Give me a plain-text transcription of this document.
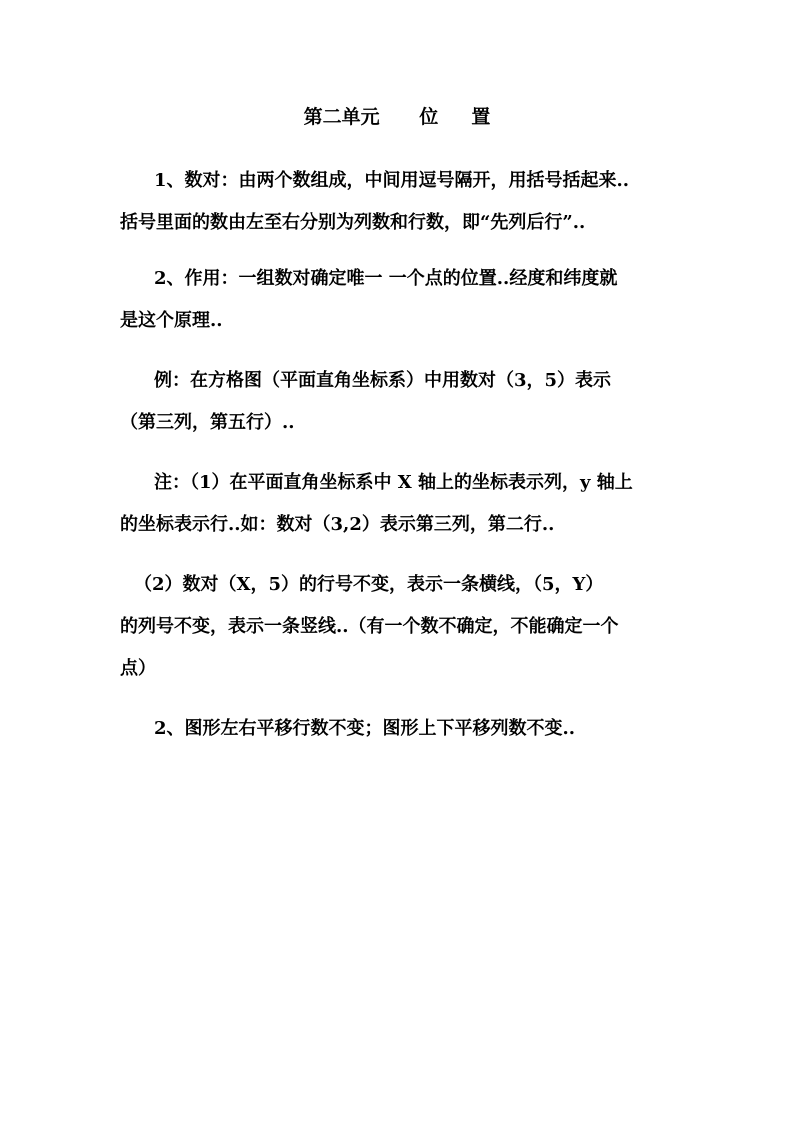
第二单元      位     置
1、数对：由两个数组成，中间用逗号隔开，用括号括起来..
括号里面的数由左至右分别为列数和行数，即“先列后行”..
2、作用：一组数对确定唯一 一个点的位置..经度和纬度就
是这个原理..
例：在方格图（平面直角坐标系）中用数对（3，5）表示
（第三列，第五行）..
注：（1）在平面直角坐标系中 X 轴上的坐标表示列，y 轴上
的坐标表示行..如：数对（3,2）表示第三列，第二行..
（2）数对（X，5）的行号不变，表示一条横线，（5，Y）
的列号不变，表示一条竖线..（有一个数不确定，不能确定一个
点）
2、图形左右平移行数不变；图形上下平移列数不变..
